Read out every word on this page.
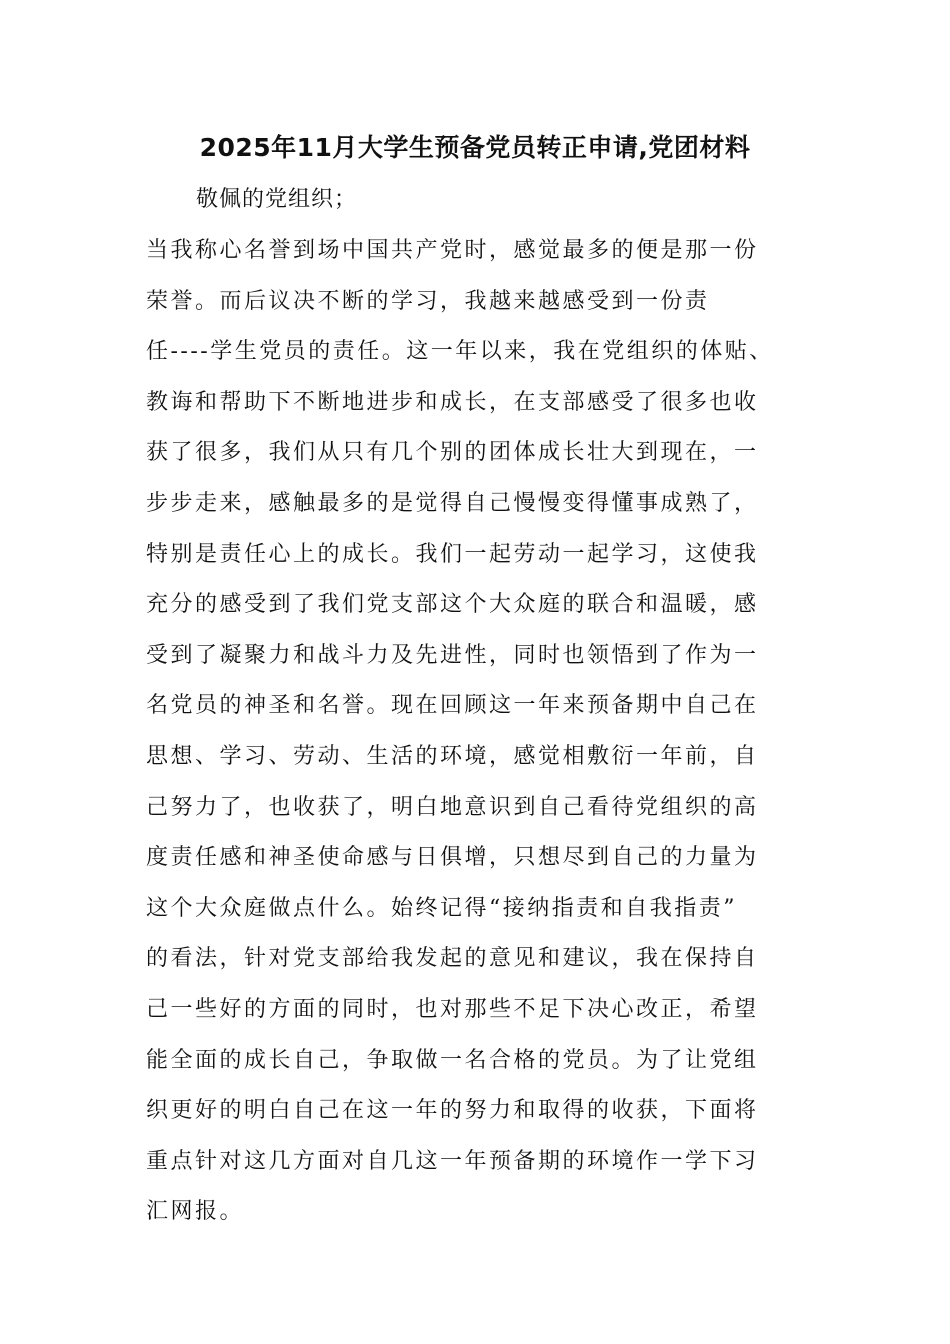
2025年11月大学生预备党员转正申请,党团材料
敬佩的党组织；
当我称心名誉到场中国共产党时，感觉最多的便是那一份
荣誉。而后议决不断的学习，我越来越感受到一份责
任----学生党员的责任。这一年以来，我在党组织的体贴、
教诲和帮助下不断地进步和成长，在支部感受了很多也收
获了很多，我们从只有几个别的团体成长壮大到现在，一
步步走来，感触最多的是觉得自己慢慢变得懂事成熟了，
特别是责任心上的成长。我们一起劳动一起学习，这使我
充分的感受到了我们党支部这个大众庭的联合和温暖，感
受到了凝聚力和战斗力及先进性，同时也领悟到了作为一
名党员的神圣和名誉。现在回顾这一年来预备期中自己在
思想、学习、劳动、生活的环境，感觉相敷衍一年前，自
己努力了，也收获了，明白地意识到自己看待党组织的高
度责任感和神圣使命感与日俱增，只想尽到自己的力量为
这个大众庭做点什么。始终记得“接纳指责和自我指责”
的看法，针对党支部给我发起的意见和建议，我在保持自
己一些好的方面的同时，也对那些不足下决心改正，希望
能全面的成长自己，争取做一名合格的党员。为了让党组
织更好的明白自己在这一年的努力和取得的收获，下面将
重点针对这几方面对自几这一年预备期的环境作一学下习
汇网报。
